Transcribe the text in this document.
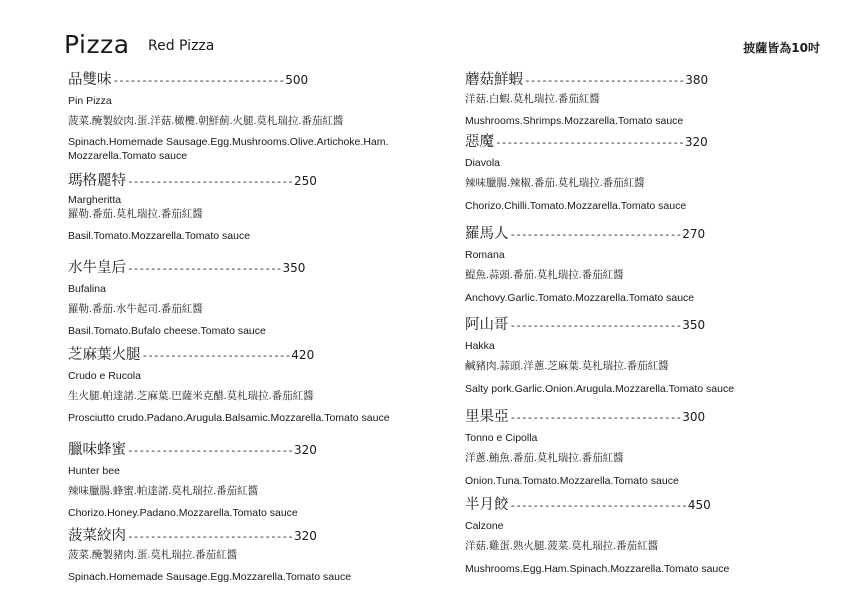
Pizza Red Pizza	披薩皆為10吋
品雙味 ------------------------------ 500
Pin Pizza
菠菜.醃製絞肉.蛋.洋菇.橄欖.朝鮮薊.火腿.莫札瑞拉.番茄紅醬
Spinach.Homemade Sausage.Egg.Mushrooms.Olive.Artichoke.Ham. Mozzarella.Tomato sauce
瑪格麗特 ----------------------------- 250
Margheritta
羅勒.番茄.莫札瑞拉.番茄紅醬
Basil.Tomato.Mozzarella.Tomato sauce
水牛皇后 --------------------------- 350
Bufalina
羅勒.番茄.水牛起司.番茄紅醬
Basil.Tomato.Bufalo cheese.Tomato sauce
芝麻葉火腿 -------------------------- 420
Crudo e Rucola
生火腿.帕達諾.芝麻葉.巴薩米克醋.莫札瑞拉.番茄紅醬
Prosciutto crudo.Padano.Arugula.Balsamic.Mozzarella.Tomato sauce
臘味蜂蜜 ----------------------------- 320
Hunter bee
辣味臘腸.蜂蜜.帕達諾.莫札瑞拉.番茄紅醬
Chorizo.Honey.Padano.Mozzarella.Tomato sauce
菠菜絞肉 ----------------------------- 320
菠菜.醃製豬肉.蛋.莫札瑞拉.番茄紅醬
Spinach.Homemade Sausage.Egg.Mozzarella.Tomato sauce
蘑菇鮮蝦 ---------------------------- 380
洋菇.白蝦.莫札瑞拉.番茄紅醬
Mushrooms.Shrimps.Mozzarella.Tomato sauce
惡魔 --------------------------------- 320
Diavola
辣味臘腸.辣椒.番茄.莫札瑞拉.番茄紅醬
Chorizo.Chilli.Tomato.Mozzarella.Tomato sauce
羅馬人 ------------------------------ 270
Romana
鯷魚.蒜頭.番茄.莫札瑞拉.番茄紅醬
Anchovy.Garlic.Tomato.Mozzarella.Tomato sauce
阿山哥 ------------------------------ 350
Hakka
鹹豬肉.蒜頭.洋蔥.芝麻葉.莫札瑞拉.番茄紅醬
Salty pork.Garlic.Onion.Arugula.Mozzarella.Tomato sauce
里果亞 ------------------------------ 300
Tonno e Cipolla
洋蔥.鮪魚.番茄.莫札瑞拉.番茄紅醬
Onion.Tuna.Tomato.Mozzarella.Tomato sauce
半月餃 ------------------------------- 450
Calzone
洋菇.雞蛋.熟火腿.菠菜.莫札瑞拉.番茄紅醬
Mushrooms.Egg.Ham.Spinach.Mozzarella.Tomato sauce
